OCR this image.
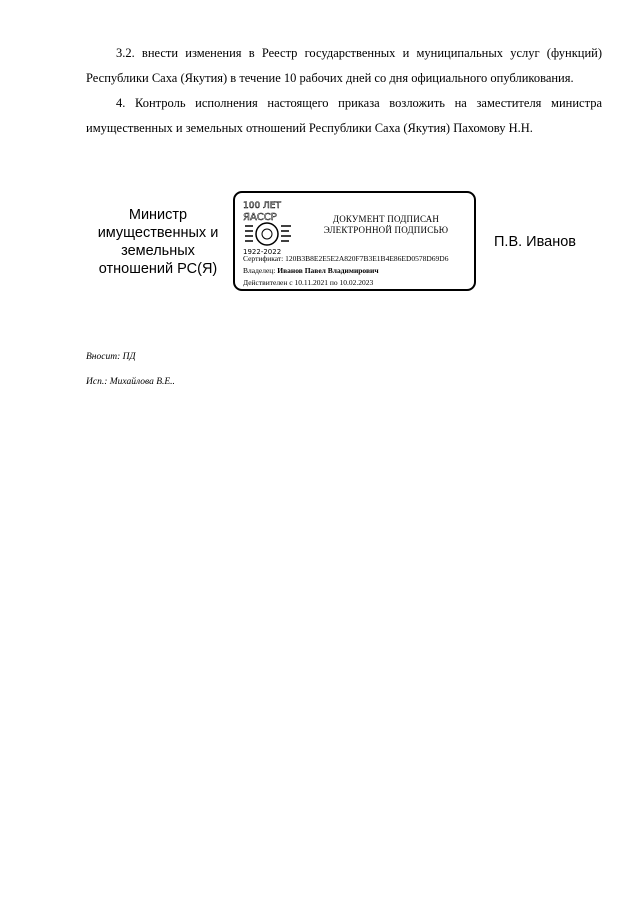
3.2. внести изменения в Реестр государственных и муниципальных услуг (функций) Республики Саха (Якутия) в течение 10 рабочих дней со дня официального опубликования.

4. Контроль исполнения настоящего приказа возложить на заместителя министра имущественных и земельных отношений Республики Саха (Якутия) Пахомову Н.Н.

Министр
имущественных и
земельных
отношений РС(Я)
100 ЛЕТ
ЯАССР
1922-2022
ДОКУМЕНТ ПОДПИСАН
ЭЛЕКТРОННОЙ ПОДПИСЬЮ
Сертификат: 120B3B8E2E5E2A820F7B3E1B4E86ED0578D69D6
Владелец: Иванов Павел Владимирович
Действителен с 10.11.2021 по 10.02.2023

П.В. Иванов

Вносит: ПД

Исп.: Михайлова В.Е..
